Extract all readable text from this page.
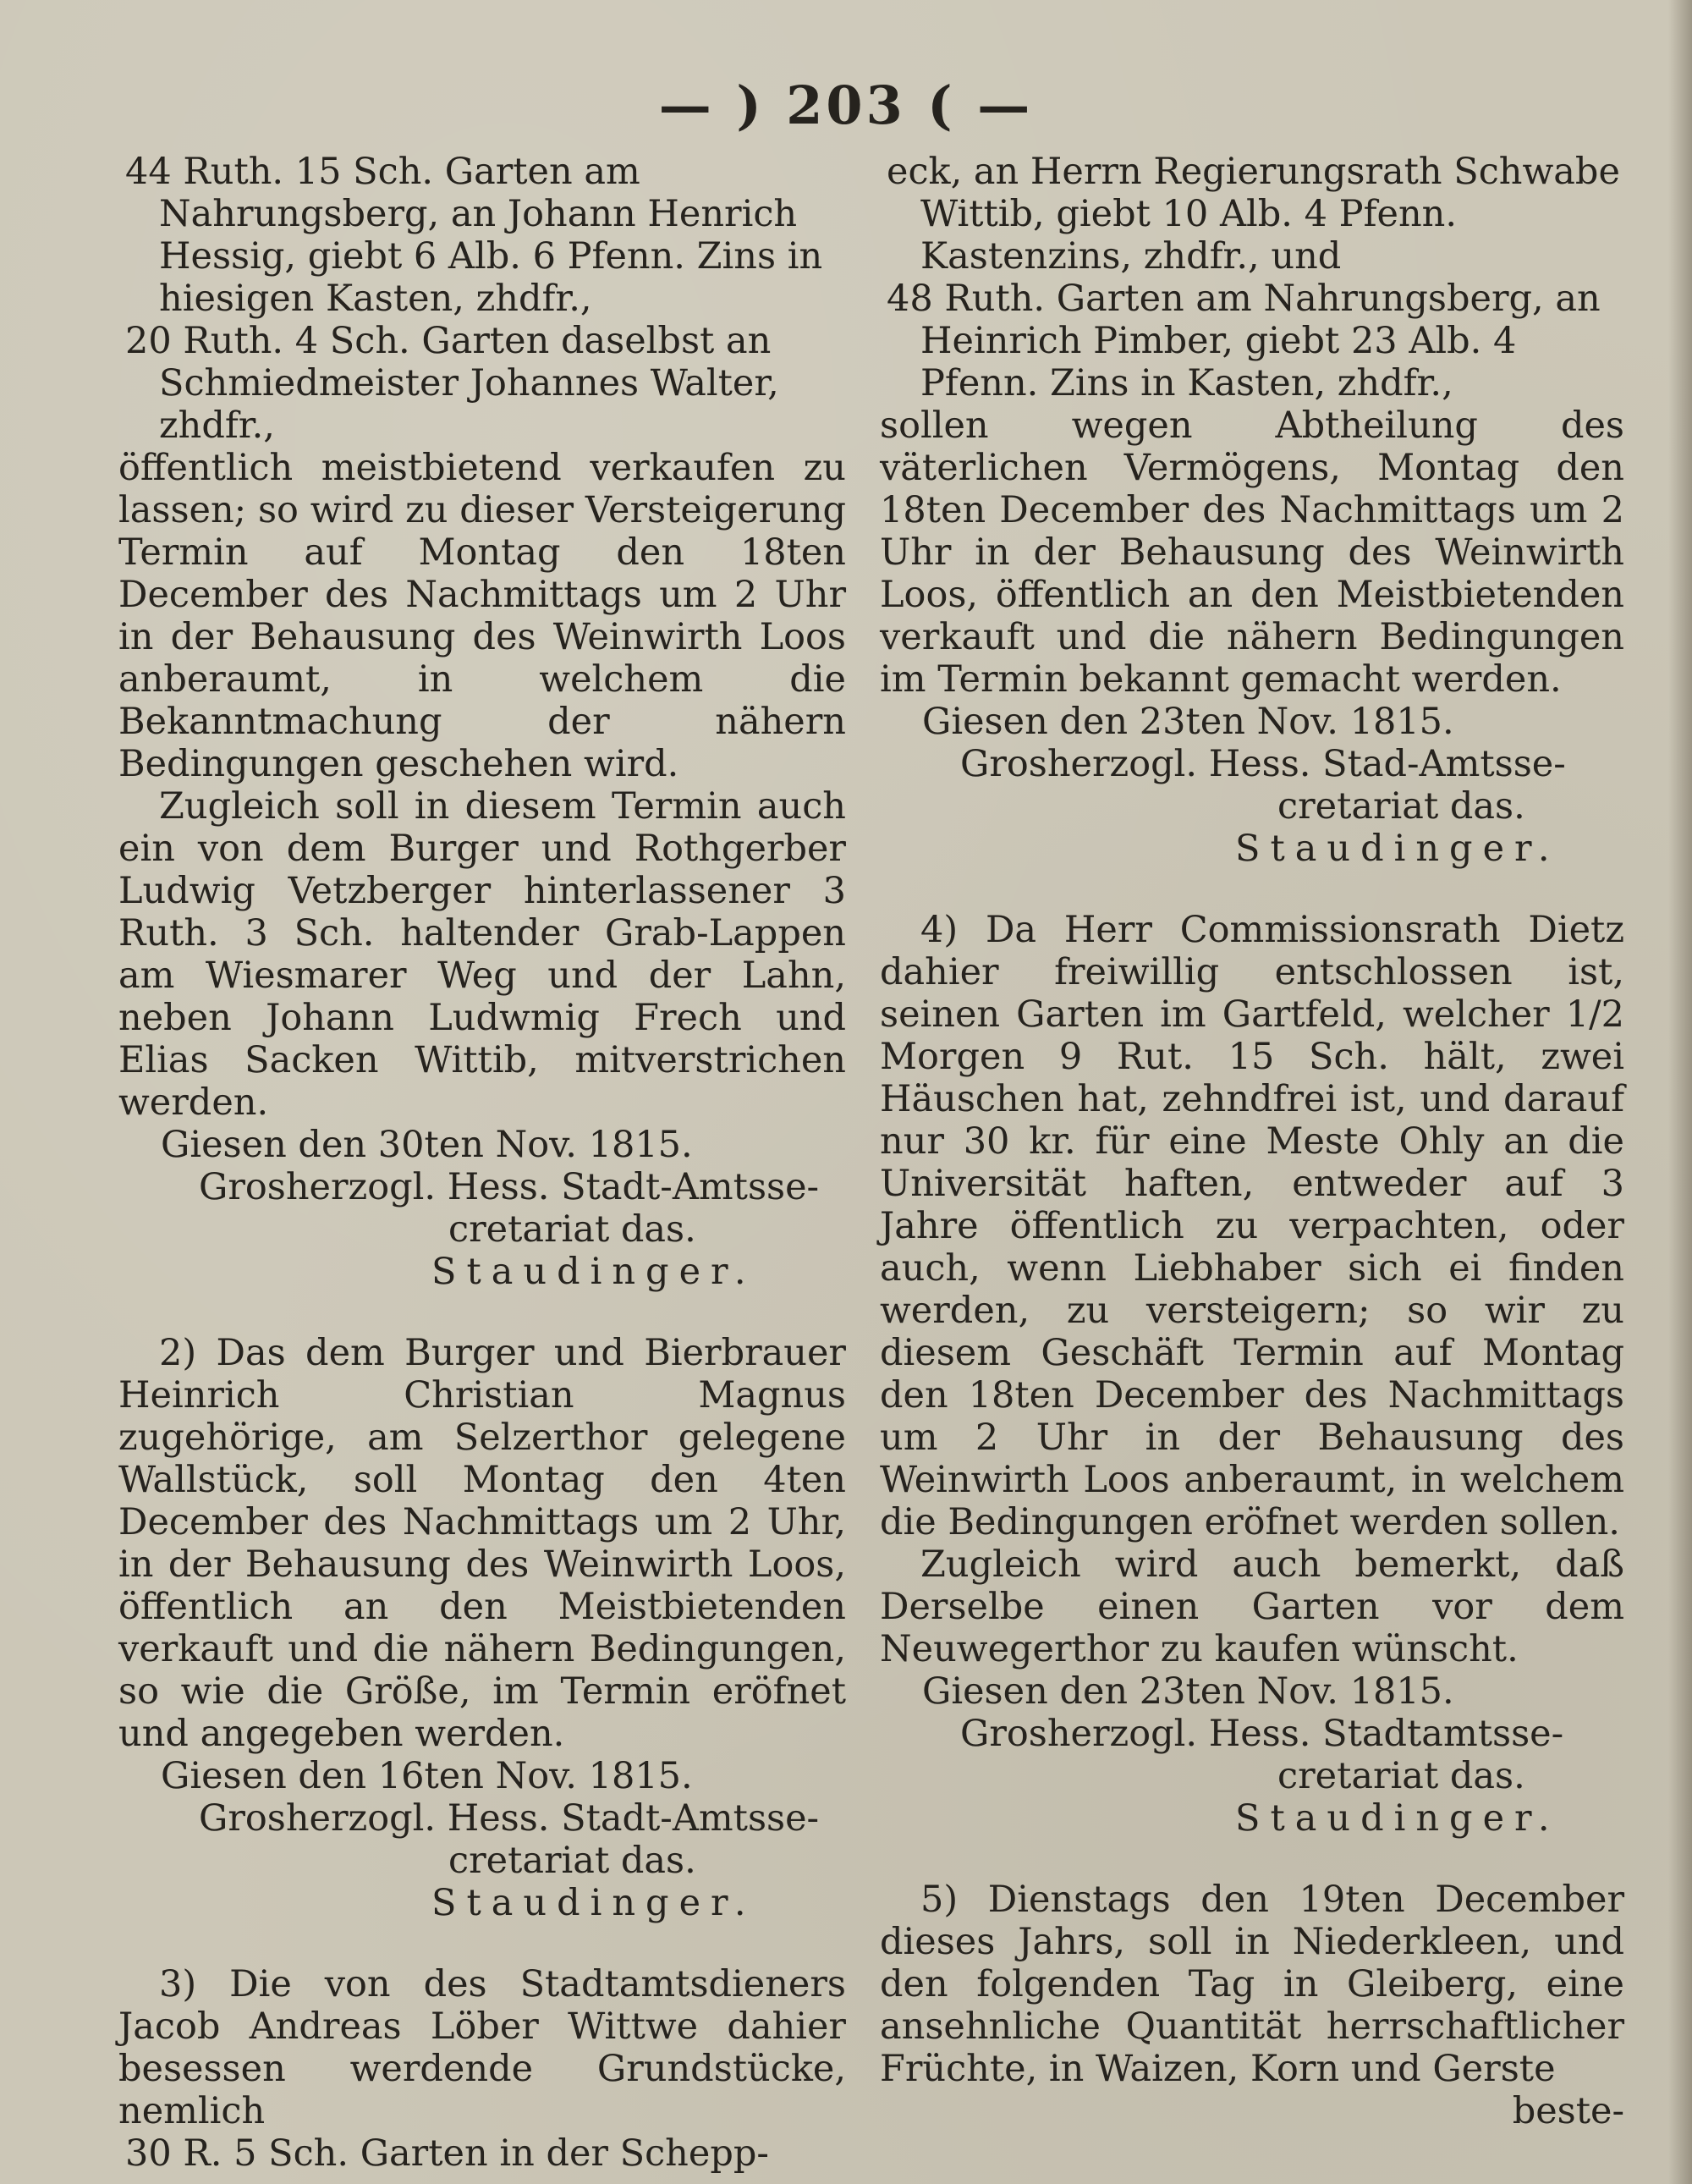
— ) 203 ( —

44 Ruth. 15 Sch. Garten am Nahrungsberg, an Johann Henrich Hessig, giebt 6 Alb. 6 Pfenn. Zins in hiesigen Kasten, zhdfr.,

20 Ruth. 4 Sch. Garten daselbst an Schmiedmeister Johannes Walter, zhdfr.,

öffentlich meistbietend verkaufen zu lassen; so wird zu dieser Versteigerung Termin auf Montag den 18ten December des Nachmittags um 2 Uhr in der Behausung des Weinwirth Loos anberaumt, in welchem die Bekanntmachung der nähern Bedingungen geschehen wird.

Zugleich soll in diesem Termin auch ein von dem Burger und Rothgerber Ludwig Vetzberger hinterlassener 3 Ruth. 3 Sch. haltender Grab-Lappen am Wiesmarer Weg und der Lahn, neben Johann Ludwmig Frech und Elias Sacken Wittib, mitverstrichen werden.

Giesen den 30ten Nov. 1815.

Grosherzogl. Hess. Stadt-Amtsse-

cretariat das.

Staudinger.

2) Das dem Burger und Bierbrauer Heinrich Christian Magnus zugehörige, am Selzerthor gelegene Wallstück, soll Montag den 4ten December des Nachmittags um 2 Uhr, in der Behausung des Weinwirth Loos, öffentlich an den Meistbietenden verkauft und die nähern Bedingungen, so wie die Größe, im Termin eröfnet und angegeben werden.

Giesen den 16ten Nov. 1815.

Grosherzogl. Hess. Stadt-Amtsse-

cretariat das.

Staudinger.

3) Die von des Stadtamtsdieners Jacob Andreas Löber Wittwe dahier besessen werdende Grundstücke, nemlich

30 R. 5 Sch. Garten in der Schepp-

eck, an Herrn Regierungsrath Schwabe Wittib, giebt 10 Alb. 4 Pfenn. Kastenzins, zhdfr., und

48 Ruth. Garten am Nahrungsberg, an Heinrich Pimber, giebt 23 Alb. 4 Pfenn. Zins in Kasten, zhdfr.,

sollen wegen Abtheilung des väterlichen Vermögens, Montag den 18ten December des Nachmittags um 2 Uhr in der Behausung des Weinwirth Loos, öffentlich an den Meistbietenden verkauft und die nähern Bedingungen im Termin bekannt gemacht werden.

Giesen den 23ten Nov. 1815.

Grosherzogl. Hess. Stad-Amtsse-

cretariat das.

Staudinger.

4) Da Herr Commissionsrath Dietz dahier freiwillig entschlossen ist, seinen Garten im Gartfeld, welcher 1/2 Morgen 9 Rut. 15 Sch. hält, zwei Häuschen hat, zehndfrei ist, und darauf nur 30 kr. für eine Meste Ohly an die Universität haften, entweder auf 3 Jahre öffentlich zu verpachten, oder auch, wenn Liebhaber sich ei finden werden, zu versteigern; so wir zu diesem Geschäft Termin auf Montag den 18ten December des Nachmittags um 2 Uhr in der Behausung des Weinwirth Loos anberaumt, in welchem die Bedingungen eröfnet werden sollen.

Zugleich wird auch bemerkt, daß Derselbe einen Garten vor dem Neuwegerthor zu kaufen wünscht.

Giesen den 23ten Nov. 1815.

Grosherzogl. Hess. Stadtamtsse-

cretariat das.

Staudinger.

5) Dienstags den 19ten December dieses Jahrs, soll in Niederkleen, und den folgenden Tag in Gleiberg, eine ansehnliche Quantität herrschaftlicher Früchte, in Waizen, Korn und Gerste

beste-
